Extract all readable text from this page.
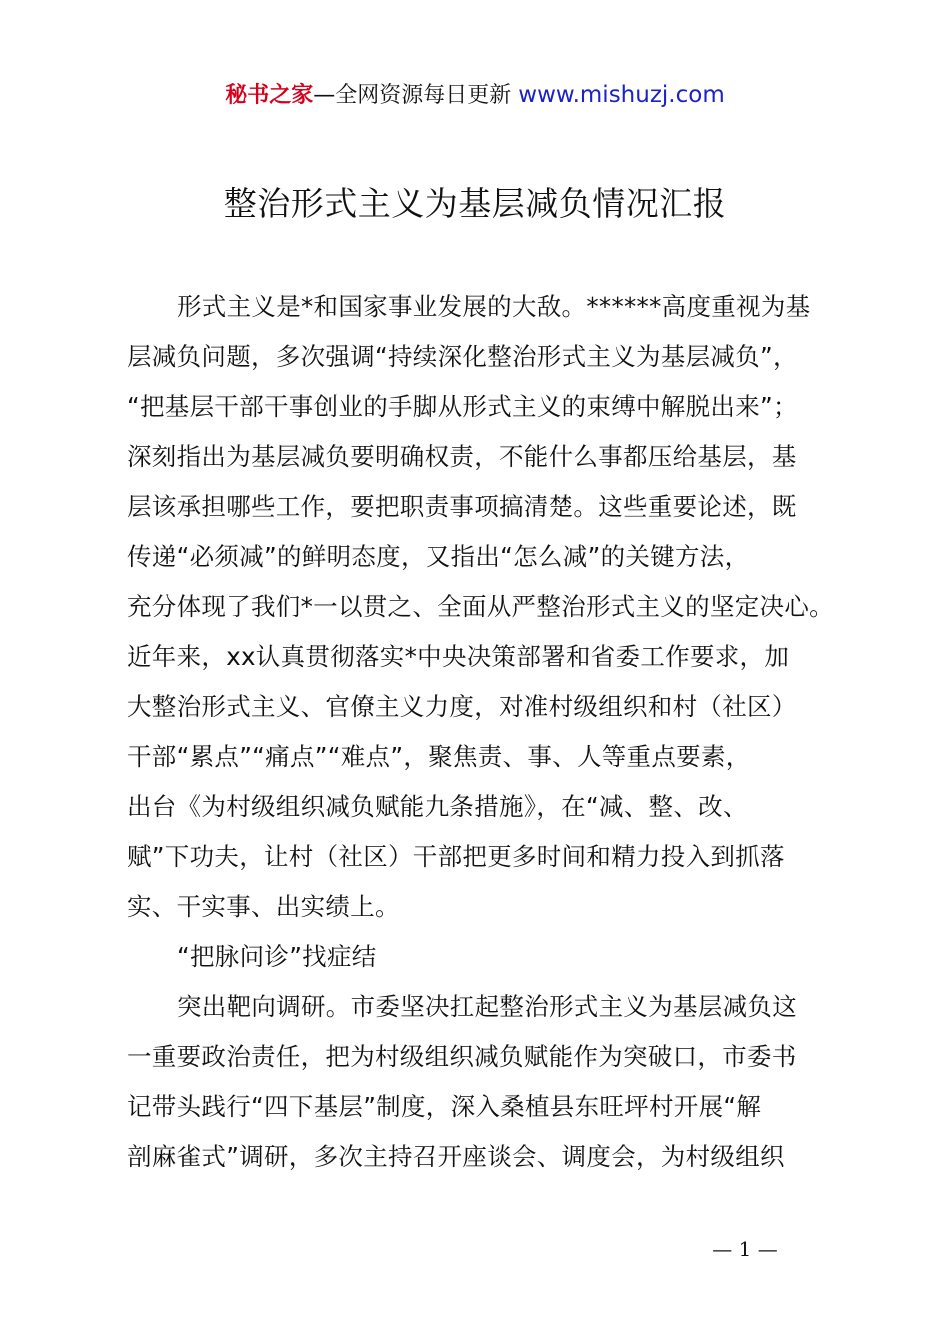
秘书之家—全网资源每日更新 www.mishuzj.com
整治形式主义为基层减负情况汇报
形式主义是*和国家事业发展的大敌。******高度重视为基
层减负问题，多次强调“持续深化整治形式主义为基层减负”，
“把基层干部干事创业的手脚从形式主义的束缚中解脱出来”；
深刻指出为基层减负要明确权责，不能什么事都压给基层，基
层该承担哪些工作，要把职责事项搞清楚。这些重要论述，既
传递“必须减”的鲜明态度，又指出“怎么减”的关键方法，
充分体现了我们*一以贯之、全面从严整治形式主义的坚定决心。
近年来，xx认真贯彻落实*中央决策部署和省委工作要求，加
大整治形式主义、官僚主义力度，对准村级组织和村（社区）
干部“累点”“痛点”“难点”，聚焦责、事、人等重点要素，
出台《为村级组织减负赋能九条措施》，在“减、整、改、
赋”下功夫，让村（社区）干部把更多时间和精力投入到抓落
实、干实事、出实绩上。
“把脉问诊”找症结
突出靶向调研。市委坚决扛起整治形式主义为基层减负这
一重要政治责任，把为村级组织减负赋能作为突破口，市委书
记带头践行“四下基层”制度，深入桑植县东旺坪村开展“解
剖麻雀式”调研，多次主持召开座谈会、调度会，为村级组织
— 1 —
